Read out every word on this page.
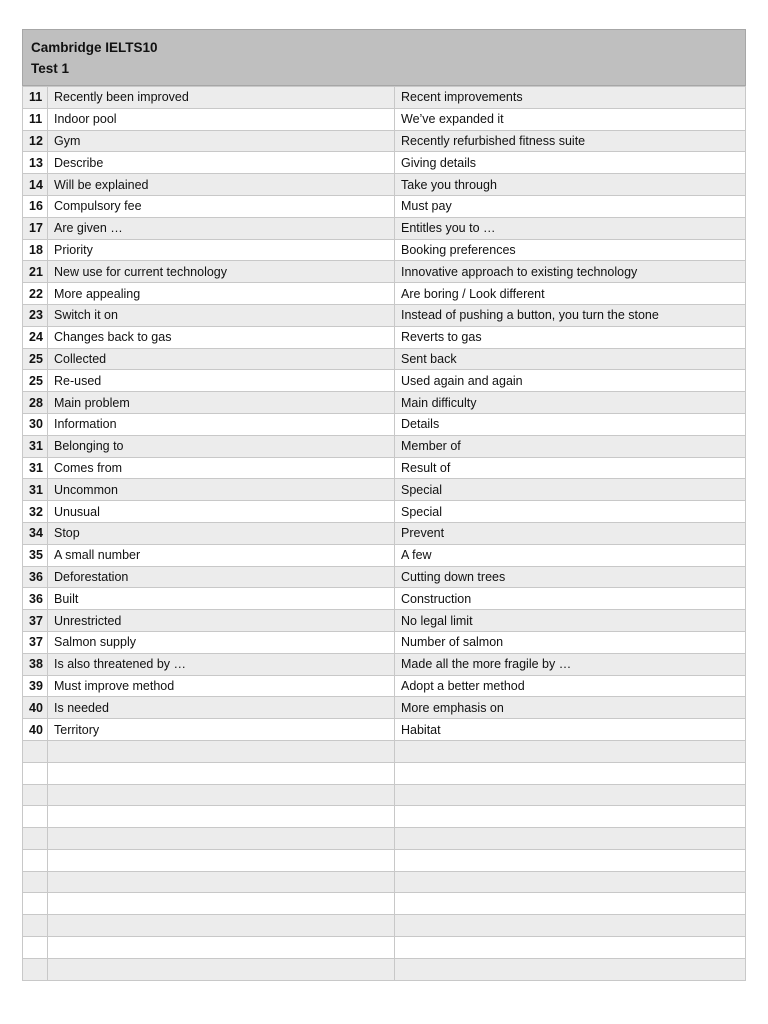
Cambridge IELTS10
Test 1
11	Recently been improved	Recent improvements
11	Indoor pool	We’ve expanded it
12	Gym	Recently refurbished fitness suite
13	Describe	Giving details
14	Will be explained	Take you through
16	Compulsory fee	Must pay
17	Are given …	Entitles you to …
18	Priority	Booking preferences
21	New use for current technology	Innovative approach to existing technology
22	More appealing	Are boring / Look different
23	Switch it on	Instead of pushing a button, you turn the stone
24	Changes back to gas	Reverts to gas
25	Collected	Sent back
25	Re-used	Used again and again
28	Main problem	Main difficulty
30	Information	Details
31	Belonging to	Member of
31	Comes from	Result of
31	Uncommon	Special
32	Unusual	Special
34	Stop	Prevent
35	A small number	A few
36	Deforestation	Cutting down trees
36	Built	Construction
37	Unrestricted	No legal limit
37	Salmon supply	Number of salmon
38	Is also threatened by …	Made all the more fragile by …
39	Must improve method	Adopt a better method
40	Is needed	More emphasis on
40	Territory	Habitat
